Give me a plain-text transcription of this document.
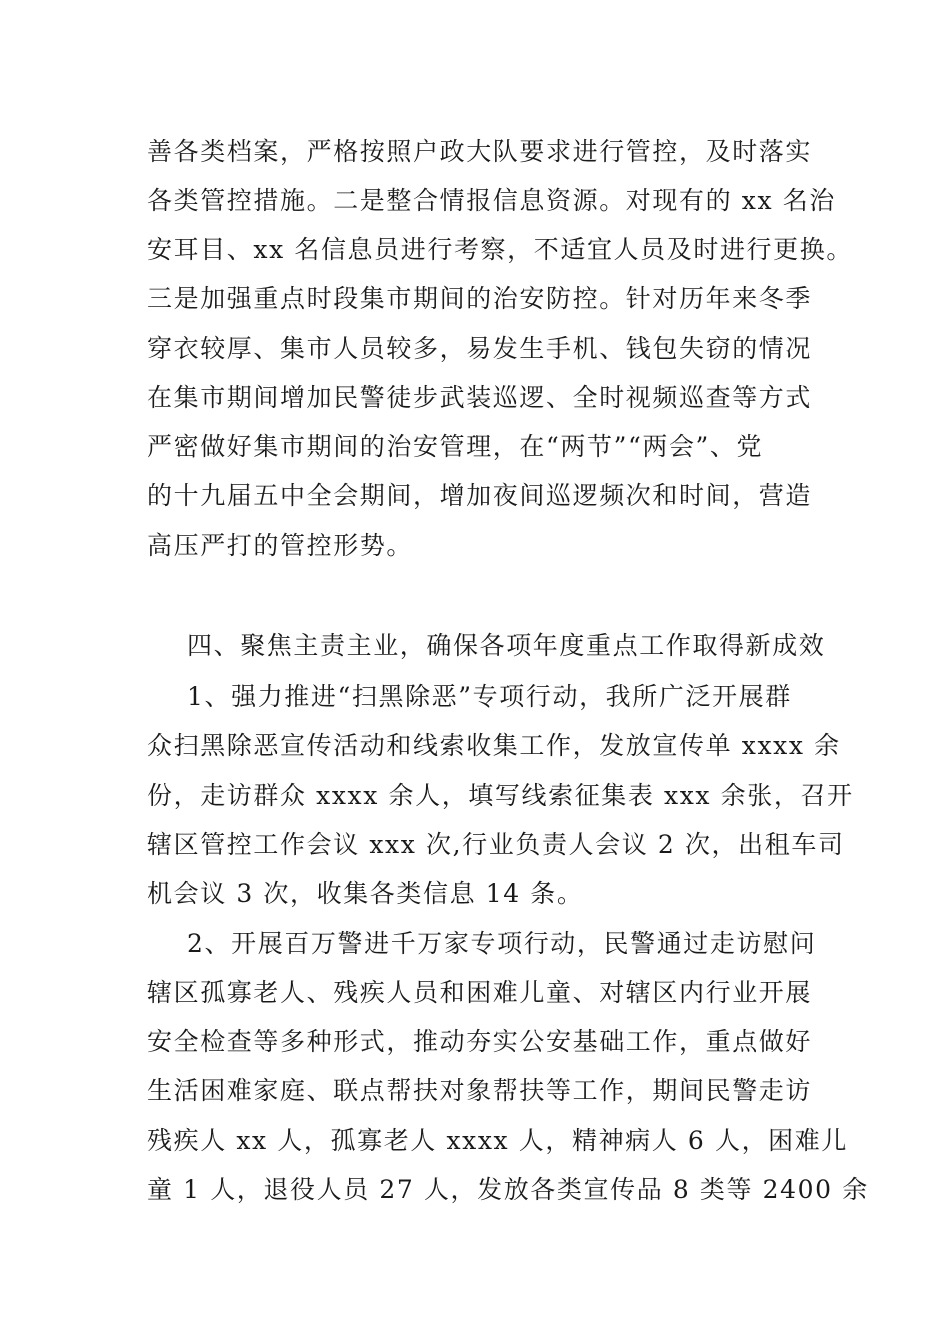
善各类档案，严格按照户政大队要求进行管控，及时落实
各类管控措施。二是整合情报信息资源。对现有的 xx 名治
安耳目、xx 名信息员进行考察，不适宜人员及时进行更换。
三是加强重点时段集市期间的治安防控。针对历年来冬季
穿衣较厚、集市人员较多，易发生手机、钱包失窃的情况
在集市期间增加民警徒步武装巡逻、全时视频巡查等方式
严密做好集市期间的治安管理，在“两节”“两会”、党
的十九届五中全会期间，增加夜间巡逻频次和时间，营造
高压严打的管控形势。
四、聚焦主责主业，确保各项年度重点工作取得新成效
1、强力推进“扫黑除恶”专项行动，我所广泛开展群
众扫黑除恶宣传活动和线索收集工作，发放宣传单 xxxx 余
份，走访群众 xxxx 余人，填写线索征集表 xxx 余张，召开
辖区管控工作会议 xxx 次,行业负责人会议 2 次，出租车司
机会议 3 次，收集各类信息 14 条。
2、开展百万警进千万家专项行动，民警通过走访慰问
辖区孤寡老人、残疾人员和困难儿童、对辖区内行业开展
安全检查等多种形式，推动夯实公安基础工作，重点做好
生活困难家庭、联点帮扶对象帮扶等工作，期间民警走访
残疾人 xx 人，孤寡老人 xxxx 人，精神病人 6 人，困难儿
童 1 人，退役人员 27 人，发放各类宣传品 8 类等 2400 余
